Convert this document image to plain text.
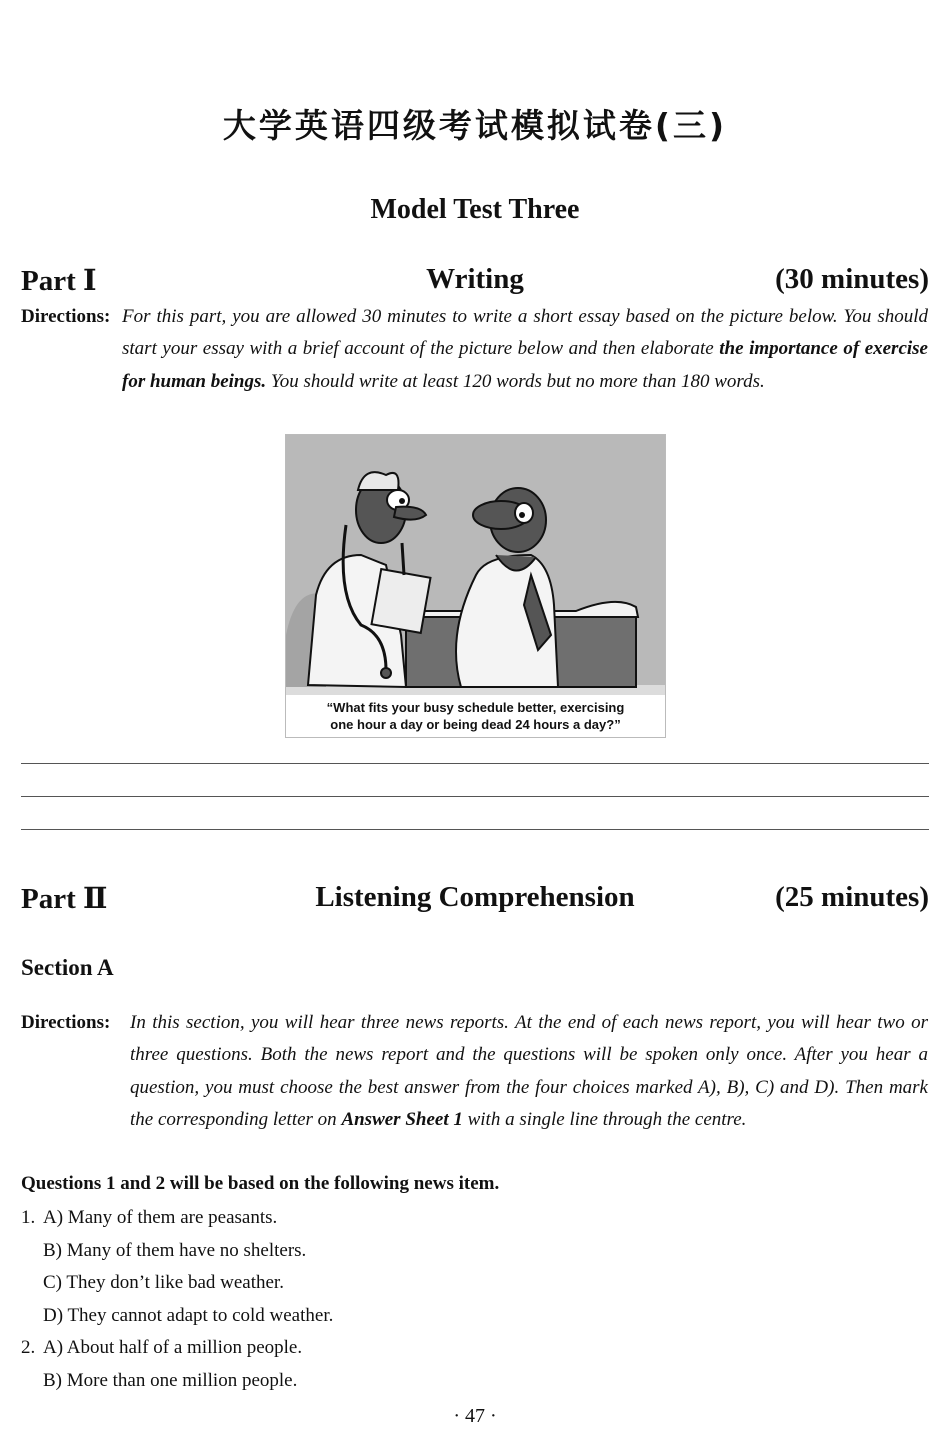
大学英语四级考试模拟试卷(三)
Model Test Three
Part Ⅰ	Writing	(30 minutes)
Directions: For this part, you are allowed 30 minutes to write a short essay based on the picture below. You should start your essay with a brief account of the picture below and then elaborate the importance of exercise for human beings. You should write at least 120 words but no more than 180 words.
“What fits your busy schedule better, exercising
one hour a day or being dead 24 hours a day?”
Part Ⅱ	Listening Comprehension	(25 minutes)
Section A
Directions: In this section, you will hear three news reports. At the end of each news report, you will hear two or three questions. Both the news report and the questions will be spoken only once. After you hear a question, you must choose the best answer from the four choices marked A), B), C) and D). Then mark the corresponding letter on Answer Sheet 1 with a single line through the centre.
Questions 1 and 2 will be based on the following news item.
1. A) Many of them are peasants.
B) Many of them have no shelters.
C) They don’t like bad weather.
D) They cannot adapt to cold weather.
2. A) About half of a million people.
B) More than one million people.
· 47 ·
